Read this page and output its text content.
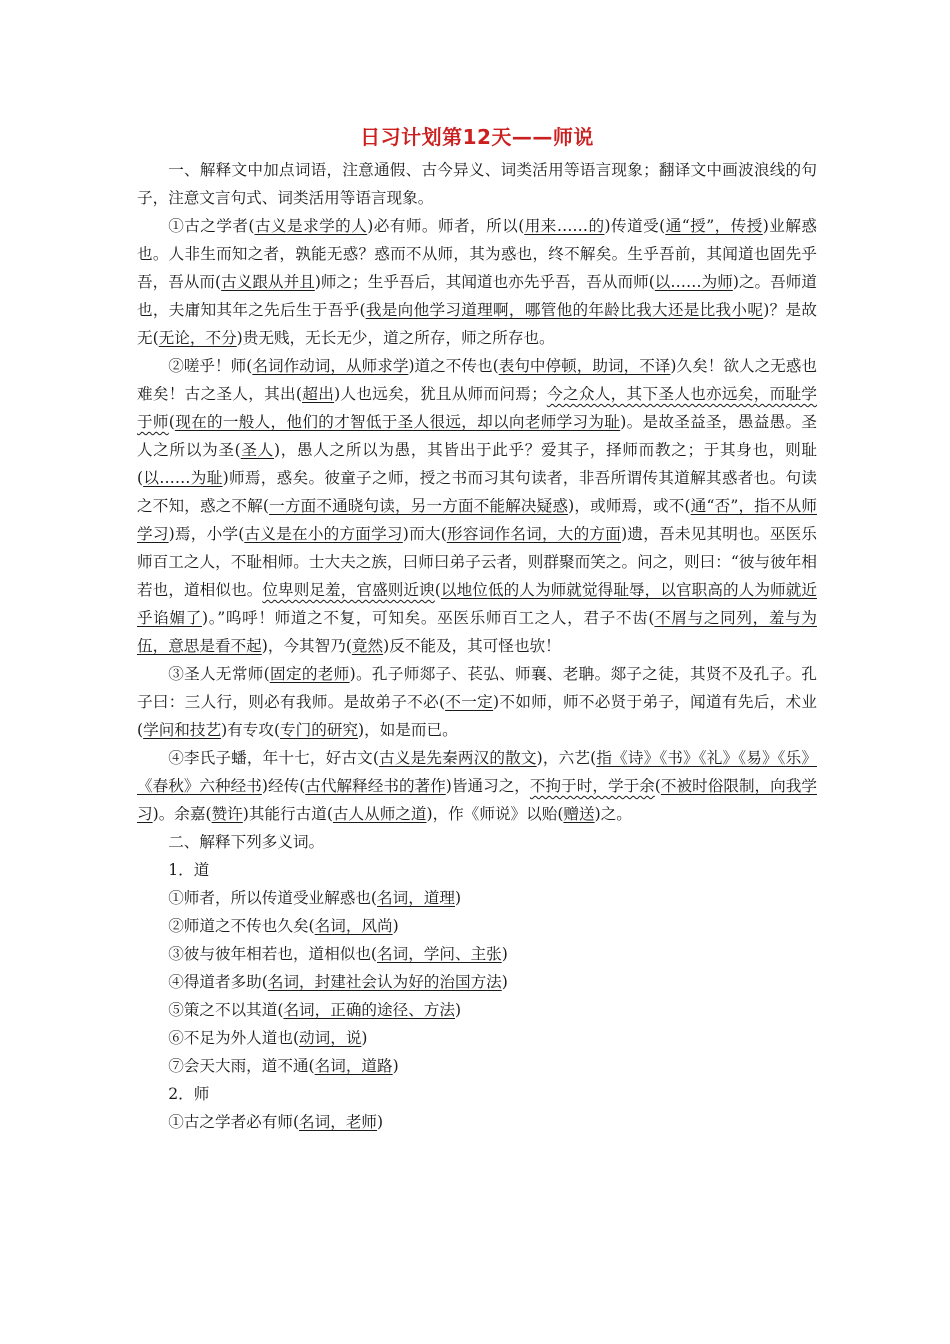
日习计划第12天——师说

一、解释文中加点词语，注意通假、古今异义、词类活用等语言现象；翻译文中画波浪线的句子，注意文言句式、词类活用等语言现象。

①古之学者(古义是求学的人)必有师。师者，所以(用来……的)传道受(通“授”，传授)业解惑也。人非生而知之者，孰能无惑？惑而不从师，其为惑也，终不解矣。生乎吾前，其闻道也固先乎吾，吾从而(古义跟从并且)师之；生乎吾后，其闻道也亦先乎吾，吾从而师(以……为师)之。吾师道也，夫庸知其年之先后生于吾乎(我是向他学习道理啊，哪管他的年龄比我大还是比我小呢)？是故无(无论，不分)贵无贱，无长无少，道之所存，师之所存也。

②嗟乎！师(名词作动词，从师求学)道之不传也(表句中停顿，助词，不译)久矣！欲人之无惑也难矣！古之圣人，其出(超出)人也远矣，犹且从师而问焉；今之众人，其下圣人也亦远矣，而耻学于师(现在的一般人，他们的才智低于圣人很远，却以向老师学习为耻)。是故圣益圣，愚益愚。圣人之所以为圣(圣人)，愚人之所以为愚，其皆出于此乎？爱其子，择师而教之；于其身也，则耻(以……为耻)师焉，惑矣。彼童子之师，授之书而习其句读者，非吾所谓传其道解其惑者也。句读之不知，惑之不解(一方面不通晓句读，另一方面不能解决疑惑)，或师焉，或不(通“否”，指不从师学习)焉，小学(古义是在小的方面学习)而大(形容词作名词，大的方面)遗，吾未见其明也。巫医乐师百工之人，不耻相师。士大夫之族，曰师曰弟子云者，则群聚而笑之。问之，则曰：“彼与彼年相若也，道相似也。位卑则足羞，官盛则近谀(以地位低的人为师就觉得耻辱，以官职高的人为师就近乎谄媚了)。”呜呼！师道之不复，可知矣。巫医乐师百工之人，君子不齿(不屑与之同列，羞与为伍，意思是看不起)，今其智乃(竟然)反不能及，其可怪也欤！

③圣人无常师(固定的老师)。孔子师郯子、苌弘、师襄、老聃。郯子之徒，其贤不及孔子。孔子曰：三人行，则必有我师。是故弟子不必(不一定)不如师，师不必贤于弟子，闻道有先后，术业(学问和技艺)有专攻(专门的研究)，如是而已。

④李氏子蟠，年十七，好古文(古义是先秦两汉的散文)，六艺(指《诗》《书》《礼》《易》《乐》《春秋》六种经书)经传(古代解释经书的著作)皆通习之，不拘于时，学于余(不被时俗限制，向我学习)。余嘉(赞许)其能行古道(古人从师之道)，作《师说》以贻(赠送)之。

二、解释下列多义词。

1．道

①师者，所以传道受业解惑也(名词，道理)

②师道之不传也久矣(名词，风尚)

③彼与彼年相若也，道相似也(名词，学问、主张)

④得道者多助(名词，封建社会认为好的治国方法)

⑤策之不以其道(名词，正确的途径、方法)

⑥不足为外人道也(动词，说)

⑦会天大雨，道不通(名词，道路)

2．师

①古之学者必有师(名词，老师)
